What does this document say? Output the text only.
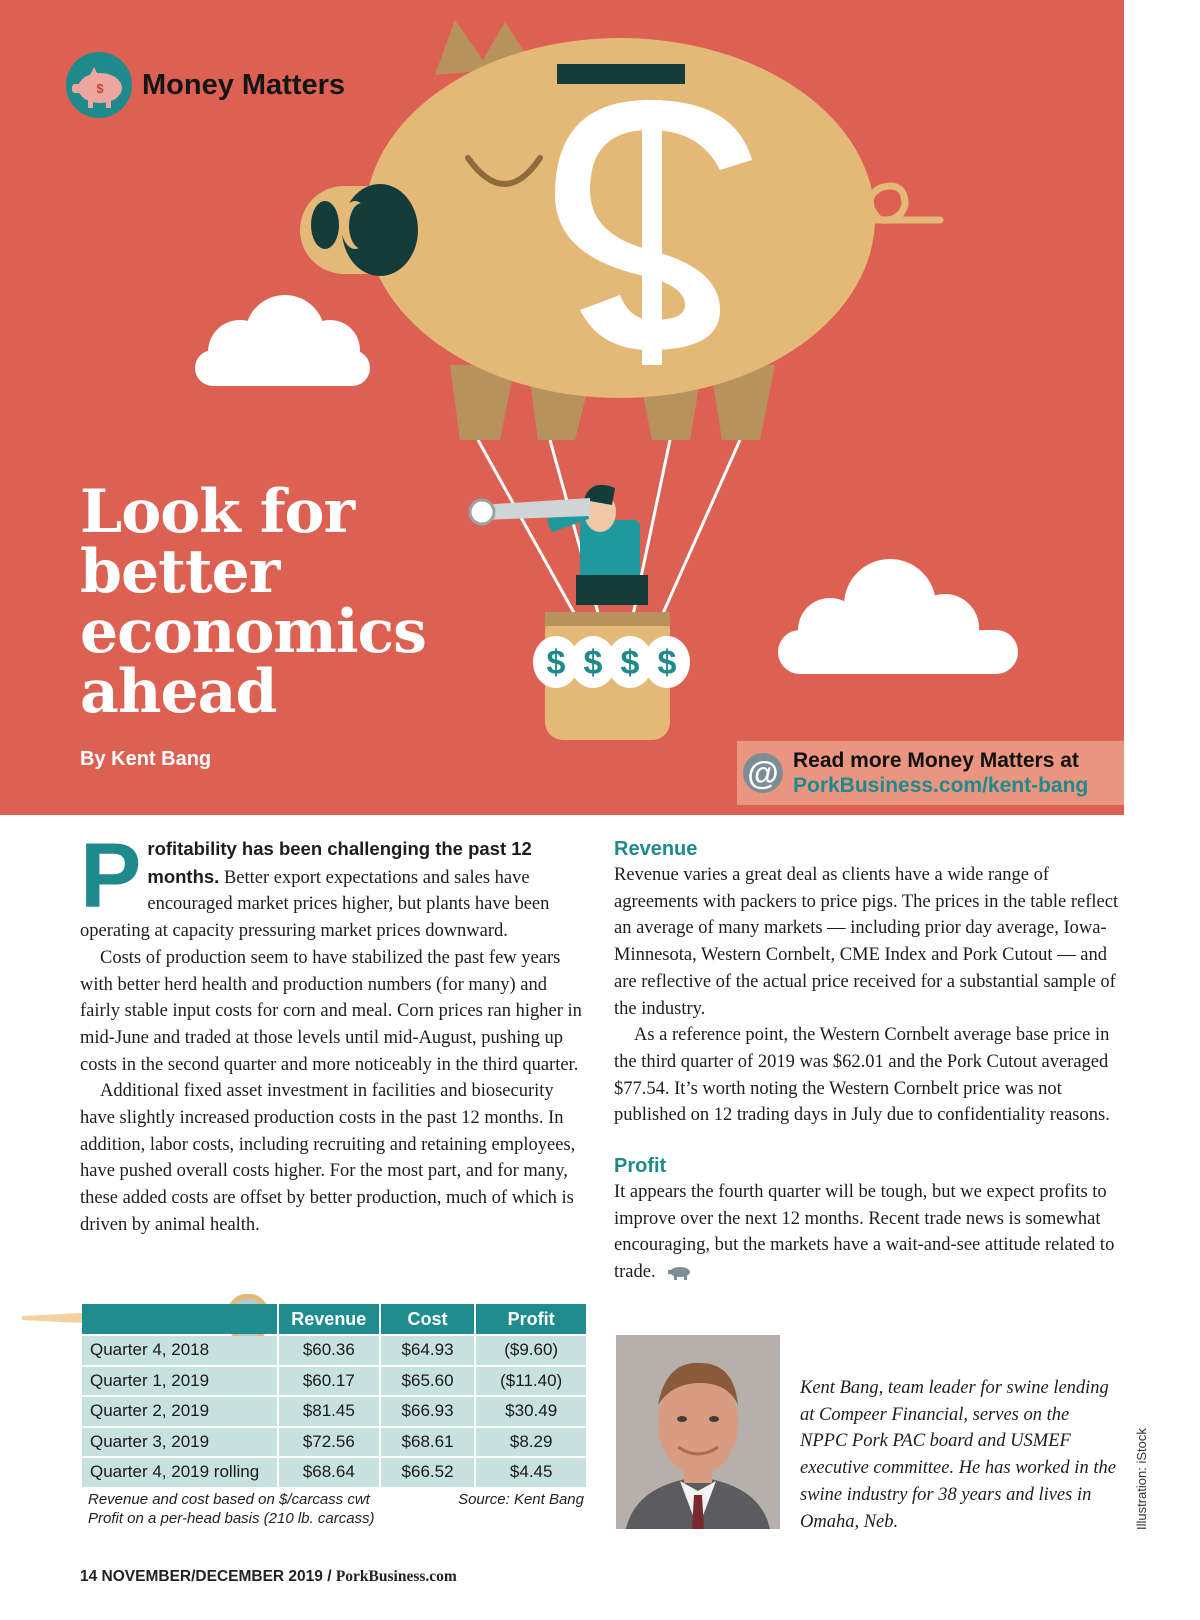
$ $ $ $
$ Money Matters
Look for
better
economics
ahead
By Kent Bang	@ Read more Money Matters at
PorkBusiness.com/kent-bang

Profitability has been challenging the past 12 months. Better export expectations and sales have encouraged market prices higher, but plants have been operating at capacity pressuring market prices downward.

Costs of production seem to have stabilized the past few years with better herd health and production numbers (for many) and fairly stable input costs for corn and meal. Corn prices ran higher in mid-June and traded at those levels until mid-August, pushing up costs in the second quarter and more noticeably in the third quarter.

Additional fixed asset investment in facilities and biosecurity have slightly increased production costs in the past 12 months. In addition, labor costs, including recruiting and retaining employees, have pushed overall costs higher. For the most part, and for many, these added costs are offset by better production, much of which is driven by animal health.

	Revenue	Cost	Profit
Quarter 4, 2018	$60.36	$64.93	($9.60)
Quarter 1, 2019	$60.17	$65.60	($11.40)
Quarter 2, 2019	$81.45	$66.93	$30.49
Quarter 3, 2019	$72.56	$68.61	$8.29
Quarter 4, 2019 rolling	$68.64	$66.52	$4.45
Revenue and cost based on $/carcass cwt
Profit on a per-head basis (210 lb. carcass)
Source: Kent Bang
Revenue

Revenue varies a great deal as clients have a wide range of agreements with packers to price pigs. The prices in the table reflect an average of many markets — including prior day average, Iowa-Minnesota, Western Cornbelt, CME Index and Pork Cutout — and are reflective of the actual price received for a substantial sample of the industry.

As a reference point, the Western Cornbelt average base price in the third quarter of 2019 was $62.01 and the Pork Cutout averaged $77.54. It’s worth noting the Western Cornbelt price was not published on 12 trading days in July due to confidentiality reasons.

Profit

It appears the fourth quarter will be tough, but we expect profits to improve over the next 12 months. Recent trade news is somewhat encouraging, but the markets have a wait-and-see attitude related to trade.

Kent Bang, team leader for swine lending at Compeer Financial, serves on the NPPC Pork PAC board and USMEF executive committee. He has worked in the swine industry for 38 years and lives in Omaha, Neb.	Illustration: iStock
14 NOVEMBER/DECEMBER 2019 / PorkBusiness.com
